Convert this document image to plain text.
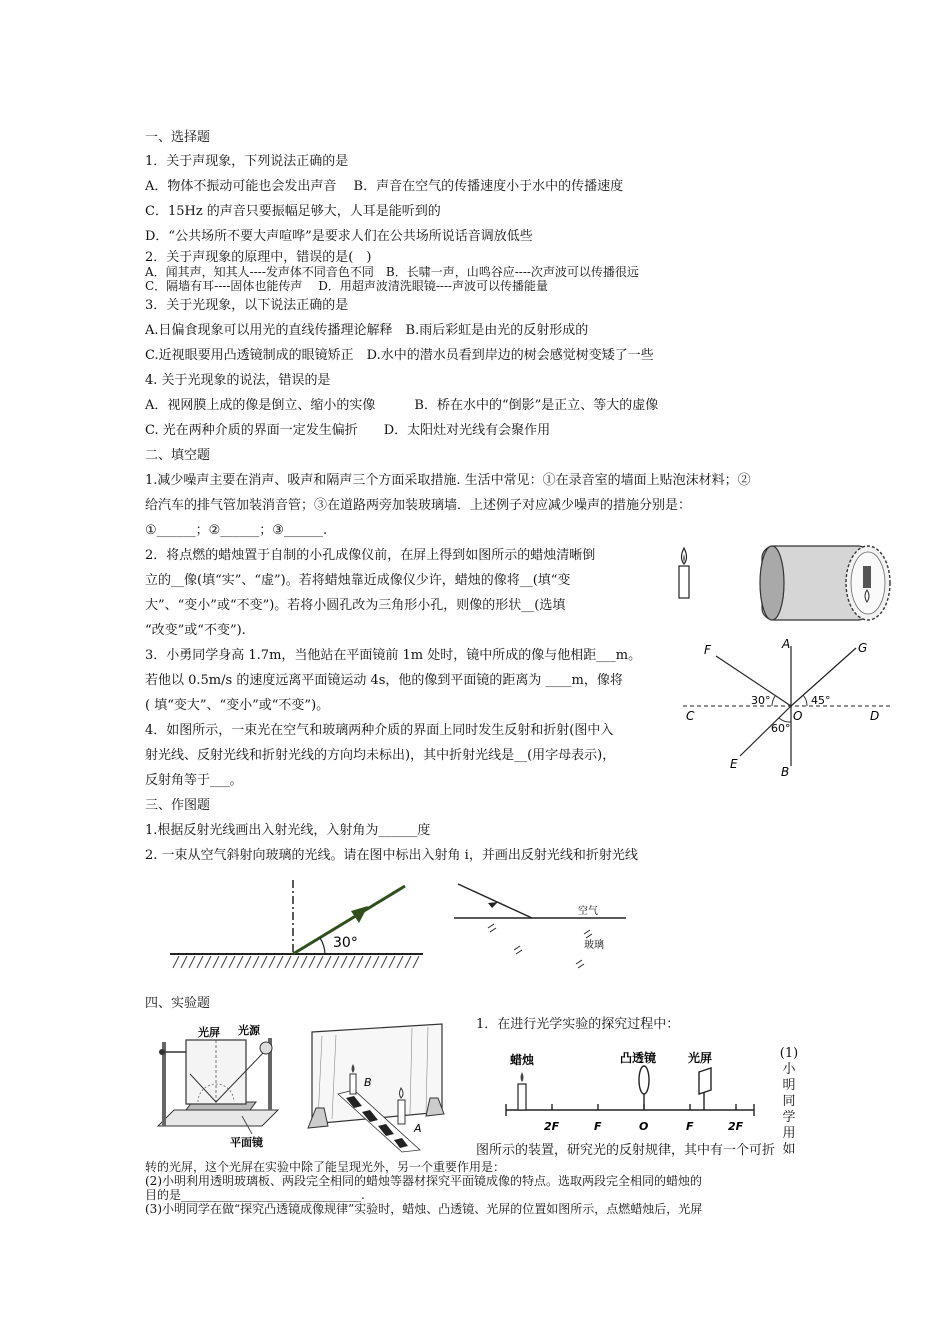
一、选择题
1．关于声现象，下列说法正确的是
A．物体不振动可能也会发出声音　 B．声音在空气的传播速度小于水中的传播速度
C．15Hz 的声音只要振幅足够大，人耳是能听到的
D．“公共场所不要大声喧哗”是要求人们在公共场所说话音调放低些
2．关于声现象的原理中，错误的是(　)
A．闻其声，知其人----发声体不同音色不同　B．长啸一声，山鸣谷应----次声波可以传播很远
C．隔墙有耳----固体也能传声　 D．用超声波清洗眼镜----声波可以传播能量
3．关于光现象，以下说法正确的是
A.日偏食现象可以用光的直线传播理论解释　B.雨后彩虹是由光的反射形成的
C.近视眼要用凸透镜制成的眼镜矫正　D.水中的潜水员看到岸边的树会感觉树变矮了一些
4. 关于光现象的说法，错误的是
A．视网膜上成的像是倒立、缩小的实像　　　B．桥在水中的“倒影”是正立、等大的虚像
C. 光在两种介质的界面一定发生偏折　　D．太阳灶对光线有会聚作用
二、填空题
1.减少噪声主要在消声、吸声和隔声三个方面采取措施. 生活中常见：①在录音室的墙面上贴泡沫材料；②
给汽车的排气管加装消音管；③在道路两旁加装玻璃墙．上述例子对应减少噪声的措施分别是：
①______；②______；③______.
2．将点燃的蜡烛置于自制的小孔成像仪前，在屏上得到如图所示的蜡烛清晰倒
立的__像(填“实”、“虚”)。若将蜡烛靠近成像仪少许，蜡烛的像将__(填“变
大”、“变小”或“不变”)。若将小圆孔改为三角形小孔，则像的形状__(选填
“改变”或“不变”).
3．小勇同学身高 1.7m，当他站在平面镜前 1m 处时，镜中所成的像与他相距___m。
若他以 0.5m/s 的速度远离平面镜运动 4s，他的像到平面镜的距离为 ____m，像将
( 填“变大”、“变小”或“不变”)。
4．如图所示，一束光在空气和玻璃两种介质的界面上同时发生反射和折射(图中入
射光线、反射光线和折射光线的方向均未标出)，其中折射光线是__(用字母表示)，
反射角等于___。
三、作图题
1.根据反射光线画出入射光线，入射角为______度
2. 一束从空气斜射向玻璃的光线。请在图中标出入射角 i，并画出反射光线和折射光线
四、实验题
1．在进行光学实验的探究过程中：
(1)
小
明
同
学
用
如
图所示的装置，研究光的反射规律，其中有一个可折
转的光屏，这个光屏在实验中除了能呈现光外，另一个重要作用是：
(2)小明利用透明玻璃板、两段完全相同的蜡烛等器材探究平面镜成像的特点。选取两段完全相同的蜡烛的
目的是______________________________.
(3)小明同学在做“探究凸透镜成像规律”实验时，蜡烛、凸透镜、光屏的位置如图所示，点燃蜡烛后，光屏
F	A	G
C	O	D
E
B
30°	45°
60°
30°
空气
玻璃
光屏 光源
平面镜
B
A
蜡烛	凸透镜	光屏
2F	F	O	F	2F
